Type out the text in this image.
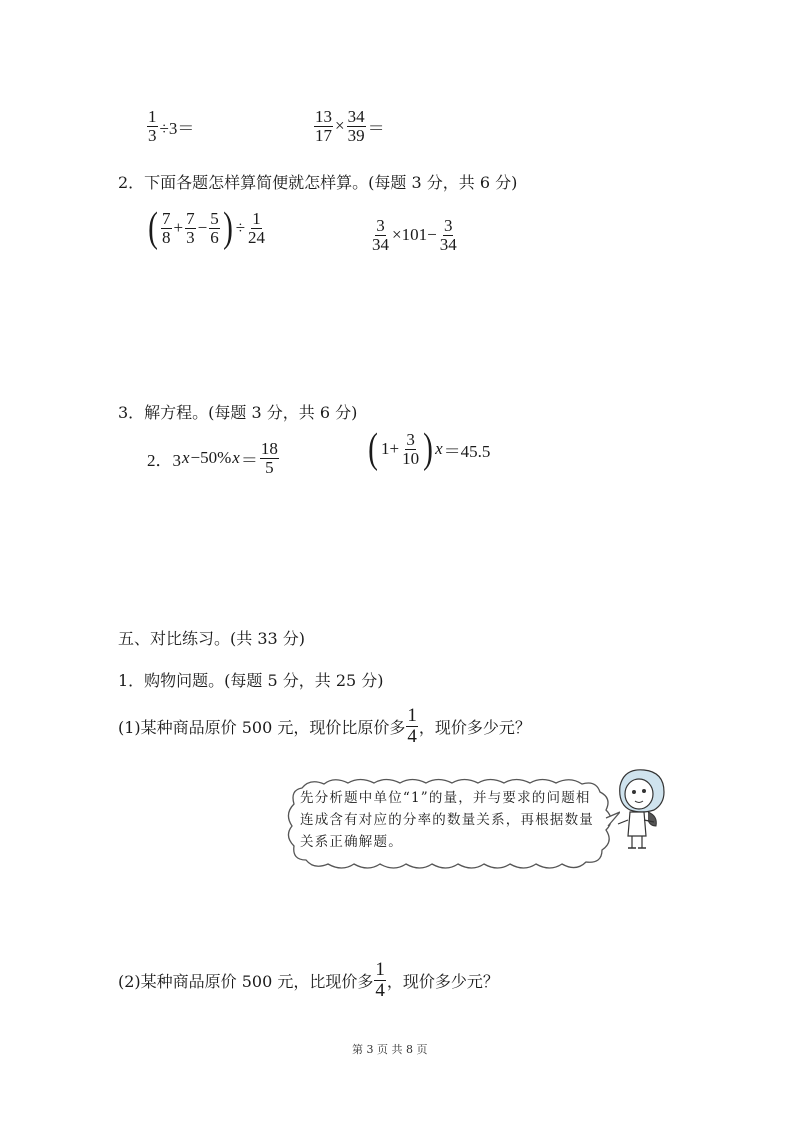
$\frac{1}{3} \div 3=$	$\frac{13}{17} \times \frac{34}{39}$ ＝
2．下面各题怎样算简便就怎样算。(每题 3 分，共 6 分)
( $\frac{7}{8} + \frac{7}{3} - \frac{5}{6}$ ) ÷ $\frac{1}{24}$	$\frac{3}{34} \times 101- \frac{3}{34}$
3．解方程。(每题 3 分，共 6 分)
2．3 x −50% $x = \frac{18}{5}$ ( $1+ \frac{3}{10}$ ) x ＝45.5
五、对比练习。(共 33 分)
1．购物问题。(每题 5 分，共 25 分)
(1)某种商品原价 500 元，现价比原价多 $\frac{1}{4}$ ，现价多少元？
先分析题中单位“1”的量，并与要求的问题相连成含有对应的分率的数量关系，再根据数量关系正确解题。
(2)某种商品原价 500 元，比现价多 $\frac{1}{4}$ ，现价多少元？
第 3 页 共 8 页
